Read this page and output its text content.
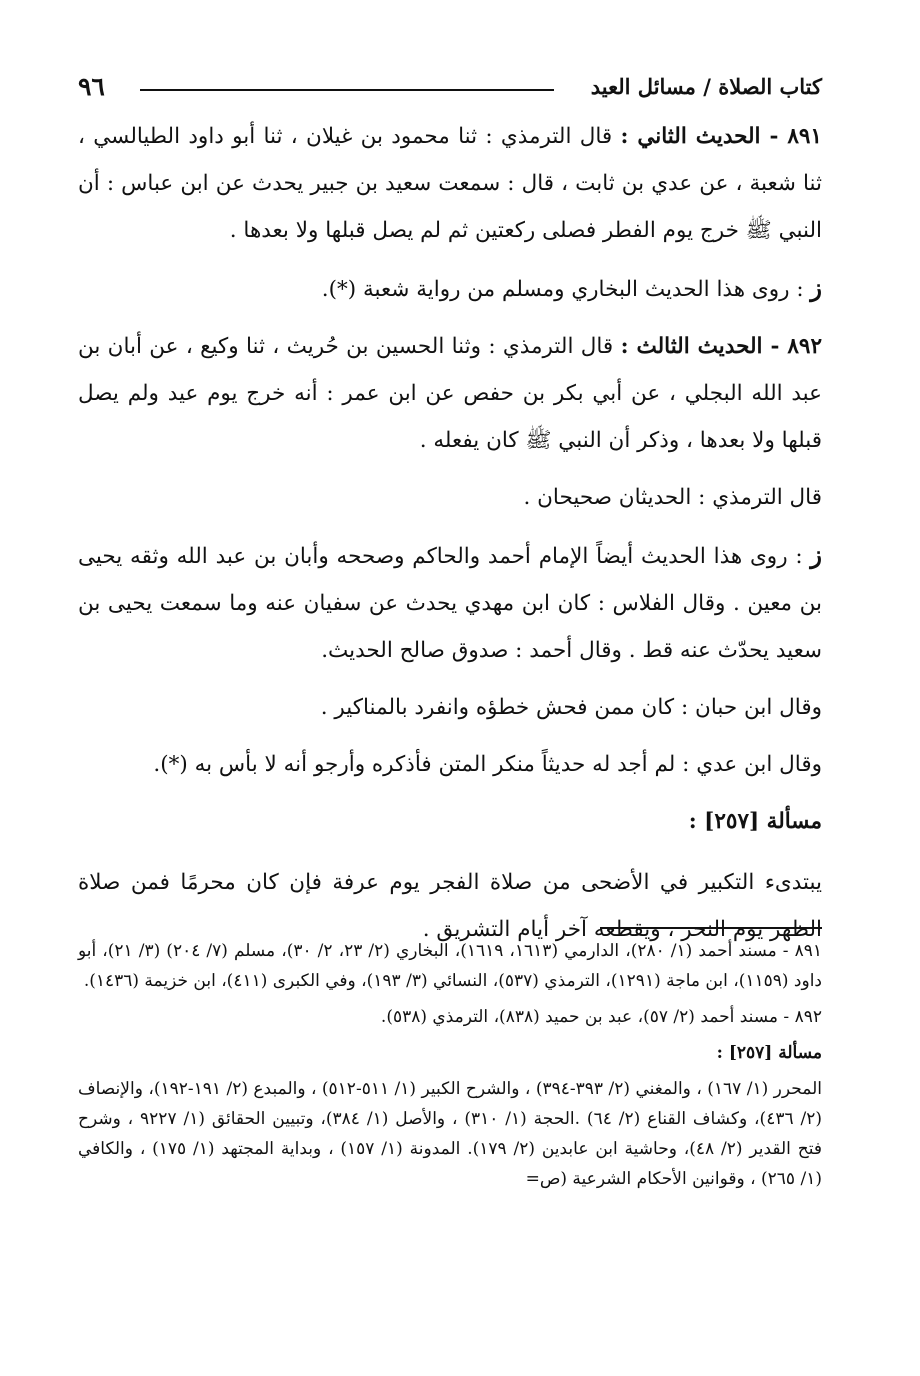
٩٦	كتاب الصلاة / مسائل العيد

٨٩١ - الحديث الثاني : قال الترمذي : ثنا محمود بن غيلان ، ثنا أبو داود الطيالسي ، ثنا شعبة ، عن عدي بن ثابت ، قال : سمعت سعيد بن جبير يحدث عن ابن عباس : أن النبي ﷺ خرج يوم الفطر فصلى ركعتين ثم لم يصل قبلها ولا بعدها .

ز : روى هذا الحديث البخاري ومسلم من رواية شعبة (*).

٨٩٢ - الحديث الثالث : قال الترمذي : وثنا الحسين بن حُريث ، ثنا وكيع ، عن أبان بن عبد الله البجلي ، عن أبي بكر بن حفص عن ابن عمر : أنه خرج يوم عيد ولم يصل قبلها ولا بعدها ، وذكر أن النبي ﷺ كان يفعله .

قال الترمذي : الحديثان صحيحان .

ز : روى هذا الحديث أيضاً الإمام أحمد والحاكم وصححه وأبان بن عبد الله وثقه يحيى بن معين . وقال الفلاس : كان ابن مهدي يحدث عن سفيان عنه وما سمعت يحيى بن سعيد يحدّث عنه قط . وقال أحمد : صدوق صالح الحديث.

وقال ابن حبان : كان ممن فحش خطؤه وانفرد بالمناكير .

وقال ابن عدي : لم أجد له حديثاً منكر المتن فأذكره وأرجو أنه لا بأس به (*).

مسألة [٢٥٧] :

يبتدىء التكبير في الأضحى من صلاة الفجر يوم عرفة فإن كان محرمًا فمن صلاة الظهر يوم النحر ، ويقطعه آخر أيام التشريق .

٨٩١ - مسند أحمد (١/ ٢٨٠)، الدارمي (١٦١٣، ١٦١٩)، البخاري (٢/ ٢٣، ٢/ ٣٠)، مسلم (٧/ ٢٠٤) (٣/ ٢١)، أبو داود (١١٥٩)، ابن ماجة (١٢٩١)، الترمذي (٥٣٧)، النسائي (٣/ ١٩٣)، وفي الكبرى (٤١١)، ابن خزيمة (١٤٣٦).

٨٩٢ - مسند أحمد (٢/ ٥٧)، عبد بن حميد (٨٣٨)، الترمذي (٥٣٨).

مسألة [٢٥٧] :

المحرر (١/ ١٦٧) ، والمغني (٢/ ٣٩٣-٣٩٤) ، والشرح الكبير (١/ ٥١١-٥١٢) ، والمبدع (٢/ ١٩١-١٩٢)، والإنصاف (٢/ ٤٣٦)، وكشاف القناع (٢/ ٦٤) .الحجة (١/ ٣١٠) ، والأصل (١/ ٣٨٤)، وتبيين الحقائق (١/ ٩٢٢٧ ، وشرح فتح القدير (٢/ ٤٨)، وحاشية ابن عابدين (٢/ ١٧٩). المدونة (١/ ١٥٧) ، وبداية المجتهد (١/ ١٧٥) ، والكافي (١/ ٢٦٥) ، وقوانين الأحكام الشرعية (ص=
